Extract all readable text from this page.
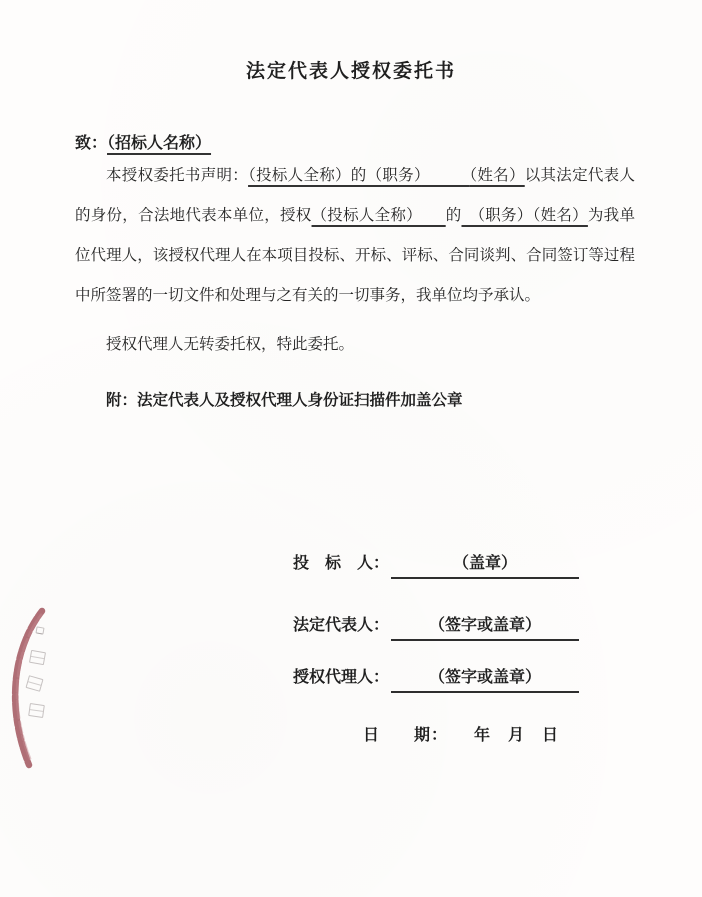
法定代表人授权委托书
致：（招标人名称）
本授权委托书声明：（投标人全称）的（职务）　　　	（姓名）以其法定代表人的身份，合法地代表本单位，授权（投标人全称）　　的　（职务）（姓名）为我单位代理人，该授权代理人在本项目投标、开标、评标、合同谈判、合同签订等过程中所签署的一切文件和处理与之有关的一切事务，我单位均予承认。
授权代理人无转委托权，特此委托。
附：法定代表人及授权代理人身份证扫描件加盖公章
投　标　人：	（盖章）
法定代表人： （签字或盖章）
授权代理人： （签字或盖章）
日　　期：　　年　月　日
